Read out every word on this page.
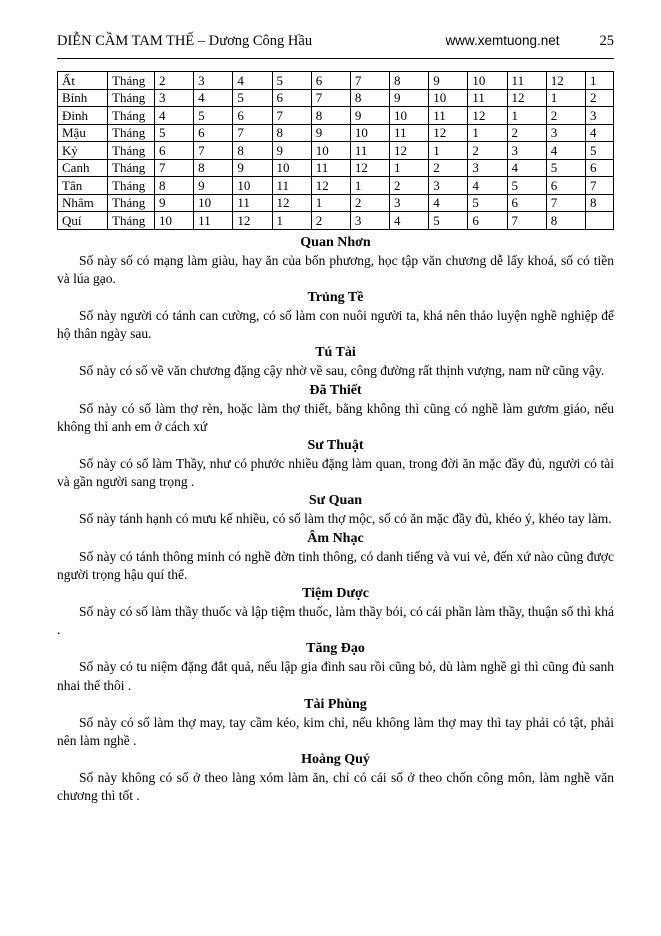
DIỄN CẦM TAM THẾ – Dương Công Hầu	www.xemtuong.net	25
Ất	Tháng	2	3	4	5	6	7	8	9	10	11	12	1
Bính	Tháng	3	4	5	6	7	8	9	10	11	12	1	2
Đinh	Tháng	4	5	6	7	8	9	10	11	12	1	2	3
Mậu	Tháng	5	6	7	8	9	10	11	12	1	2	3	4
Kỷ	Tháng	6	7	8	9	10	11	12	1	2	3	4	5
Canh	Tháng	7	8	9	10	11	12	1	2	3	4	5	6
Tân	Tháng	8	9	10	11	12	1	2	3	4	5	6	7
Nhâm	Tháng	9	10	11	12	1	2	3	4	5	6	7	8
Quí	Tháng	10	11	12	1	2	3	4	5	6	7	8	
Quan Nhơn

Số này số có mạng làm giàu, hay ăn của bốn phương, học tập văn chương dễ lấy khoá, số có tiền và lúa gạo.

Trủng Tề

Số này người có tánh can cường, có số làm con nuôi người ta, khá nên thảo luyện nghề nghiệp để hộ thân ngày sau.

Tú Tài

Số này có số về văn chương đặng cậy nhờ về sau, công đường rất thịnh vượng, nam nữ cũng vậy.

Đã Thiết

Số này có số làm thợ rèn, hoặc làm thợ thiết, bằng không thì cũng có nghề làm gươm giáo, nếu không thì anh em ở cách xứ

Sư Thuật

Số này có số làm Thầy, như có phước nhiều đặng làm quan, trong đời ăn mặc đầy đủ, người có tài và gần người sang trọng .

Sư Quan

Số này tánh hạnh có mưu kế nhiều, có số làm thợ mộc, số có ăn mặc đầy đủ, khéo ý, khéo tay làm.

Âm Nhạc

Số này có tánh thông minh có nghề đờn tinh thông, có danh tiếng và vui vẻ, đến xứ nào cũng được người trọng hậu quí thể.

Tiệm Dược

Số này có số làm thầy thuốc và lập tiệm thuốc, làm thầy bói, có cái phần làm thầy, thuận số thì khá .

Tăng Đạo

Số này có tu niệm đặng đắt quả, nếu lập gia đình sau rồi cũng bỏ, dù làm nghề gì thì cũng đủ sanh nhai thế thôi .

Tài Phùng

Số này có số làm thợ may, tay cầm kéo, kim chỉ, nếu không làm thợ may thì tay phải có tật, phải nên làm nghề .

Hoàng Quý

Số này không có số ở theo làng xóm làm ăn, chỉ có cái số ở theo chốn công môn, làm nghề văn chương thì tốt .
